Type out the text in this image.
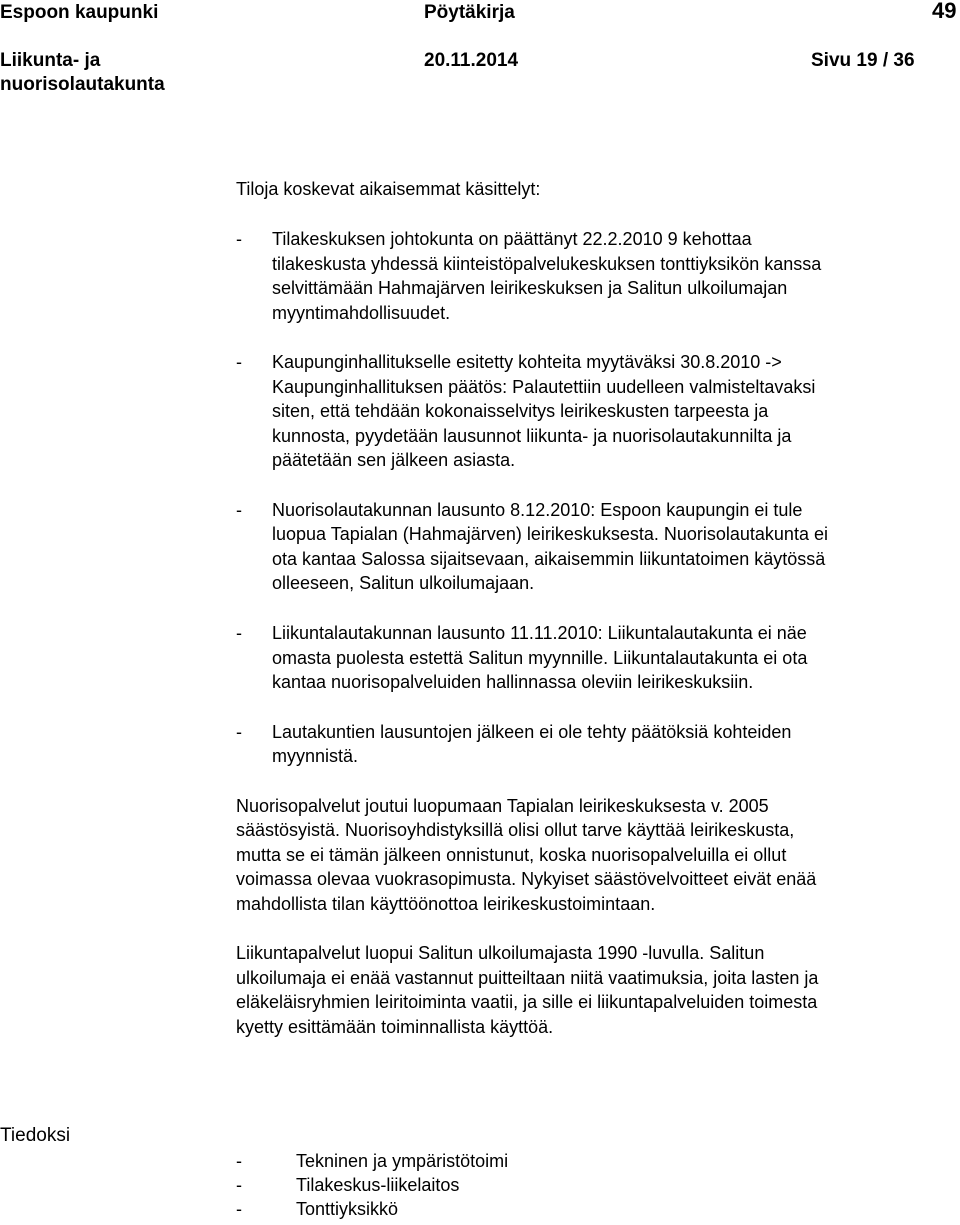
Espoon kaupunki	Pöytäkirja	49
Liikunta- ja
nuorisolautakunta
20.11.2014	Sivu 19 / 36
Tiloja koskevat aikaisemmat käsittelyt:
- Tilakeskuksen johtokunta on päättänyt 22.2.2010 9 kehottaa
tilakeskusta yhdessä kiinteistöpalvelukeskuksen tonttiyksikön kanssa
selvittämään Hahmajärven leirikeskuksen ja Salitun ulkoilumajan
myyntimahdollisuudet.
- Kaupunginhallitukselle esitetty kohteita myytäväksi 30.8.2010 ->
Kaupunginhallituksen päätös: Palautettiin uudelleen valmisteltavaksi
siten, että tehdään kokonaisselvitys leirikeskusten tarpeesta ja
kunnosta, pyydetään lausunnot liikunta- ja nuorisolautakunnilta ja
päätetään sen jälkeen asiasta.
- Nuorisolautakunnan lausunto 8.12.2010: Espoon kaupungin ei tule
luopua Tapialan (Hahmajärven) leirikeskuksesta. Nuorisolautakunta ei
ota kantaa Salossa sijaitsevaan, aikaisemmin liikuntatoimen käytössä
olleeseen, Salitun ulkoilumajaan.
- Liikuntalautakunnan lausunto 11.11.2010: Liikuntalautakunta ei näe
omasta puolesta estettä Salitun myynnille. Liikuntalautakunta ei ota
kantaa nuorisopalveluiden hallinnassa oleviin leirikeskuksiin.
- Lautakuntien lausuntojen jälkeen ei ole tehty päätöksiä kohteiden
myynnistä.
Nuorisopalvelut joutui luopumaan Tapialan leirikeskuksesta v. 2005
säästösyistä. Nuorisoyhdistyksillä olisi ollut tarve käyttää leirikeskusta,
mutta se ei tämän jälkeen onnistunut, koska nuorisopalveluilla ei ollut
voimassa olevaa vuokrasopimusta. Nykyiset säästövelvoitteet eivät enää
mahdollista tilan käyttöönottoa leirikeskustoimintaan.
Liikuntapalvelut luopui Salitun ulkoilumajasta 1990 -luvulla. Salitun
ulkoilumaja ei enää vastannut puitteiltaan niitä vaatimuksia, joita lasten ja
eläkeläisryhmien leiritoiminta vaatii, ja sille ei liikuntapalveluiden toimesta
kyetty esittämään toiminnallista käyttöä.
Tiedoksi
-	Tekninen ja ympäristötoimi
-	Tilakeskus-liikelaitos
-	Tonttiyksikkö
